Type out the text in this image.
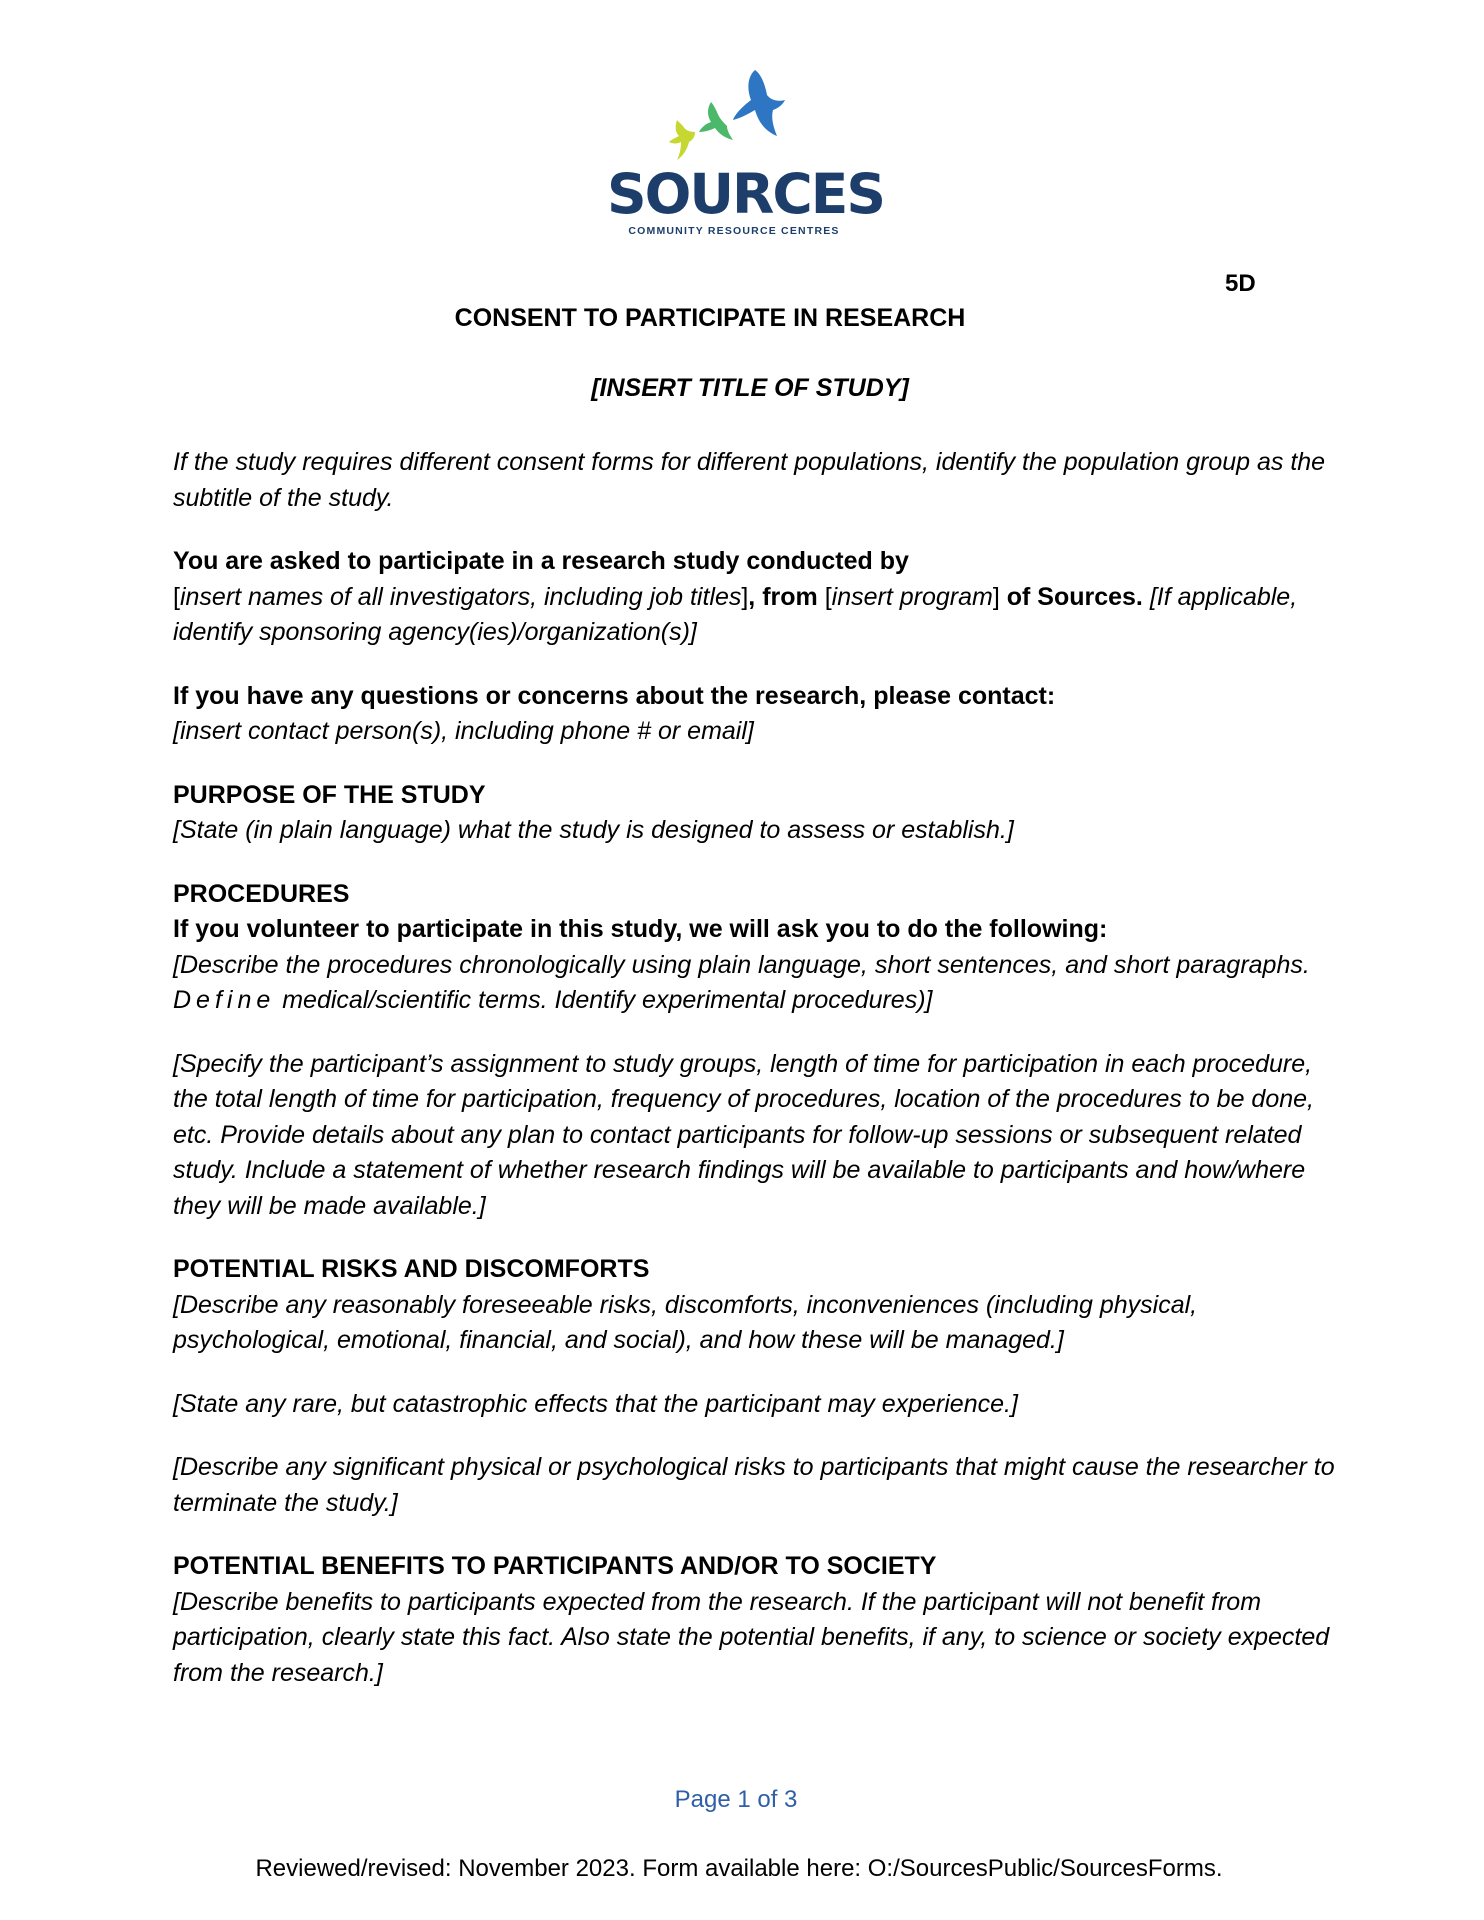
SOURCES
COMMUNITY RESOURCE CENTRES
5D
CONSENT TO PARTICIPATE IN RESEARCH
[INSERT TITLE OF STUDY]

If the study requires different consent forms for different populations, identify the population group as the subtitle of the study.

You are asked to participate in a research study conducted by
[insert names of all investigators, including job titles], from [insert program] of Sources. [If applicable, identify sponsoring agency(ies)/organization(s)]

If you have any questions or concerns about the research, please contact:
[insert contact person(s), including phone # or email]

PURPOSE OF THE STUDY
[State (in plain language) what the study is designed to assess or establish.]

PROCEDURES
If you volunteer to participate in this study, we will ask you to do the following:
[Describe the procedures chronologically using plain language, short sentences, and short paragraphs. Define medical/scientific terms. Identify experimental procedures)]

[Specify the participant’s assignment to study groups, length of time for participation in each procedure, the total length of time for participation, frequency of procedures, location of the procedures to be done, etc. Provide details about any plan to contact participants for follow-up sessions or subsequent related study. Include a statement of whether research findings will be available to participants and how/where they will be made available.]

POTENTIAL RISKS AND DISCOMFORTS
[Describe any reasonably foreseeable risks, discomforts, inconveniences (including physical, psychological, emotional, financial, and social), and how these will be managed.]

[State any rare, but catastrophic effects that the participant may experience.]

[Describe any significant physical or psychological risks to participants that might cause the researcher to terminate the study.]

POTENTIAL BENEFITS TO PARTICIPANTS AND/OR TO SOCIETY
[Describe benefits to participants expected from the research. If the participant will not benefit from participation, clearly state this fact. Also state the potential benefits, if any, to science or society expected from the research.]

Page 1 of 3
Reviewed/revised: November 2023. Form available here: O:/SourcesPublic/SourcesForms.
